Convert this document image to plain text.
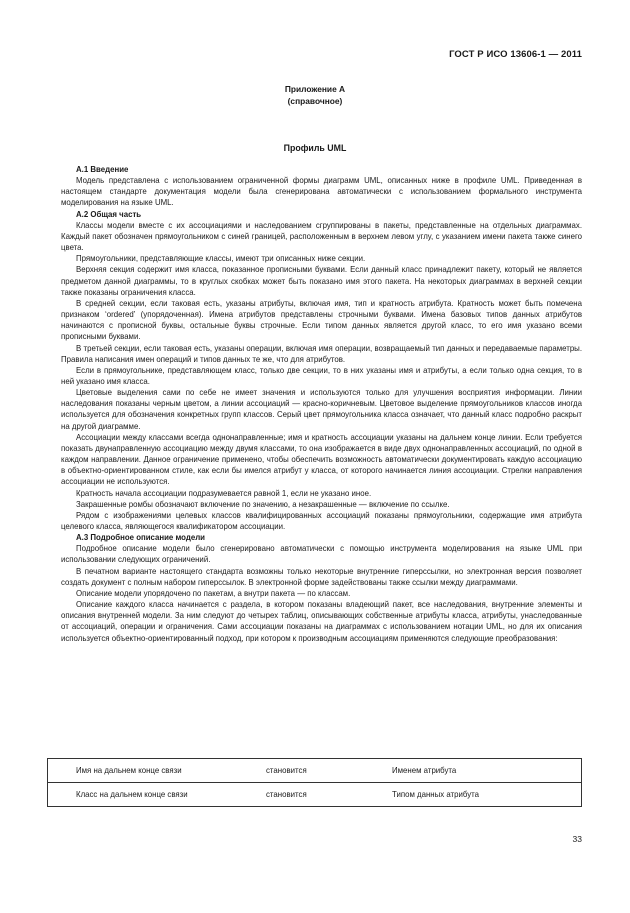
ГОСТ Р ИСО 13606-1 — 2011
Приложение А
(справочное)
Профиль UML

А.1 Введение

Модель представлена с использованием ограниченной формы диаграмм UML, описанных ниже в профиле UML. Приведенная в настоящем стандарте документация модели была сгенерирована автоматически с использованием формального инструмента моделирования на языке UML.

А.2 Общая часть

Классы модели вместе с их ассоциациями и наследованием сгруппированы в пакеты, представленные на отдельных диаграммах. Каждый пакет обозначен прямоугольником с синей границей, расположенным в верхнем левом углу, с указанием имени пакета также синего цвета.

Прямоугольники, представляющие классы, имеют три описанных ниже секции.

Верхняя секция содержит имя класса, показанное прописными буквами. Если данный класс принадлежит пакету, который не является предметом данной диаграммы, то в круглых скобках может быть показано имя этого пакета. На некоторых диаграммах в верхней секции также показаны ограничения класса.

В средней секции, если таковая есть, указаны атрибуты, включая имя, тип и кратность атрибута. Кратность может быть помечена признаком ‘ordered’ (упорядоченная). Имена атрибутов представлены строчными буквами. Имена базовых типов данных атрибутов начинаются с прописной буквы, остальные буквы строчные. Если типом данных является другой класс, то его имя указано всеми прописными буквами.

В третьей секции, если таковая есть, указаны операции, включая имя операции, возвращаемый тип данных и передаваемые параметры. Правила написания имен операций и типов данных те же, что для атрибутов.

Если в прямоугольнике, представляющем класс, только две секции, то в них указаны имя и атрибуты, а если только одна секция, то в ней указано имя класса.

Цветовые выделения сами по себе не имеет значения и используются только для улучшения восприятия информации. Линии наследования показаны черным цветом, а линии ассоциаций — красно-коричневым. Цветовое выделение прямоугольников классов иногда используется для обозначения конкретных групп классов. Серый цвет прямоугольника класса означает, что данный класс подробно раскрыт на другой диаграмме.

Ассоциации между классами всегда однонаправленные; имя и кратность ассоциации указаны на дальнем конце линии. Если требуется показать двунаправленную ассоциацию между двумя классами, то она изображается в виде двух однонаправленных ассоциаций, по одной в каждом направлении. Данное ограничение применено, чтобы обеспечить возможность автоматически документировать каждую ассоциацию в объектно-ориентированном стиле, как если бы имелся атрибут у класса, от которого начинается линия ассоциации. Стрелки направления ассоциации не используются.

Кратность начала ассоциации подразумевается равной 1, если не указано иное.

Закрашенные ромбы обозначают включение по значению, а незакрашенные — включение по ссылке.

Рядом с изображениями целевых классов квалифицированных ассоциаций показаны прямоугольники, содержащие имя атрибута целевого класса, являющегося квалификатором ассоциации.

А.3 Подробное описание модели

Подробное описание модели было сгенерировано автоматически с помощью инструмента моделирования на языке UML при использовании следующих ограничений.

В печатном варианте настоящего стандарта возможны только некоторые внутренние гиперссылки, но электронная версия позволяет создать документ с полным набором гиперссылок. В электронной форме задействованы также ссылки между диаграммами.

Описание модели упорядочено по пакетам, а внутри пакета — по классам.

Описание каждого класса начинается с раздела, в котором показаны владеющий пакет, все наследования, внутренние элементы и описания внутренней модели. За ним следуют до четырех таблиц, описывающих собственные атрибуты класса, атрибуты, унаследованные от ассоциаций, операции и ограничения. Сами ассоциации показаны на диаграммах с использованием нотации UML, но для их описания используется объектно-ориентированный подход, при котором к производным ассоциациям применяются следующие преобразования:

Имя на дальнем конце связи	становится	Именем атрибута
Класс на дальнем конце связи	становится	Типом данных атрибута
33
